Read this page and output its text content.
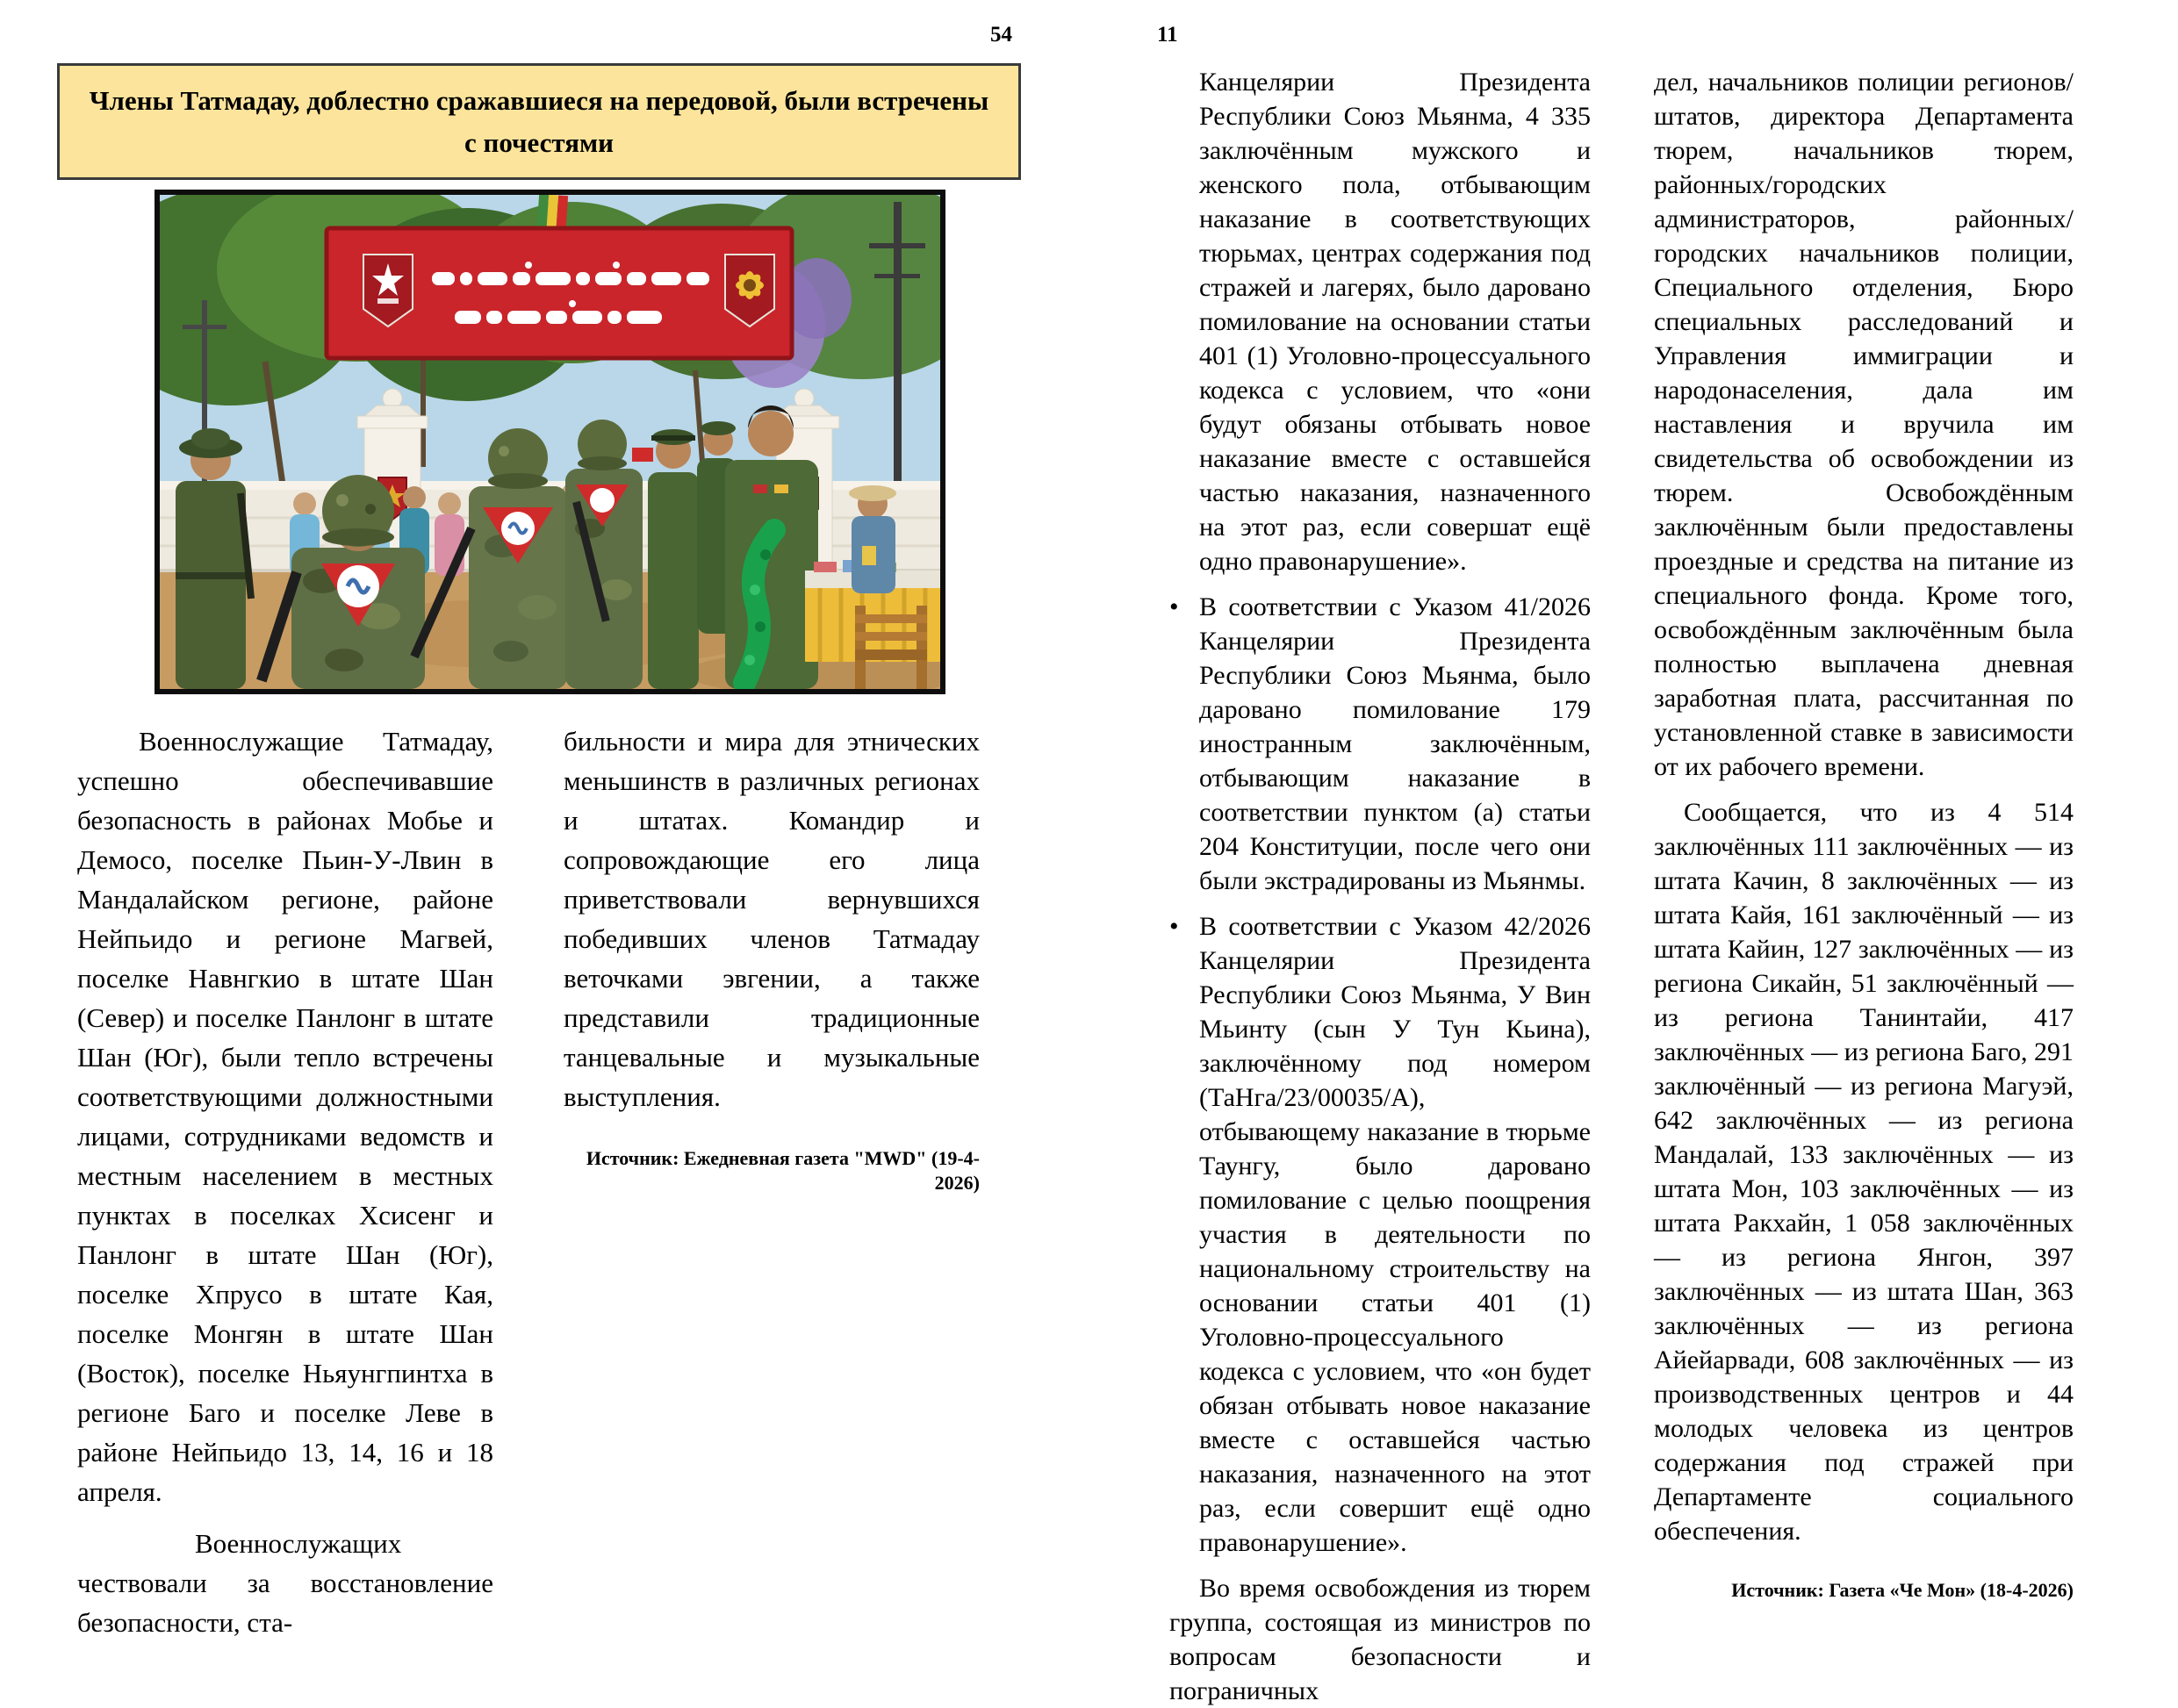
54	11
Члены Татмадау, доблестно сражавшиеся на передовой, были встречены с почестями

Военнослужащие Татмадау, успешно обеспечивавшие безопасность в районах Мобье и Демосо, поселке Пьин-У-Лвин в Мандалайском регионе, районе Нейпьидо и регионе Магвей, поселке Навнгкио в штате Шан (Север) и поселке Панлонг в штате Шан (Юг), были тепло встречены соответствующими должностными лицами, сотрудниками ведомств и местным населением в местных пунктах в поселках Хсисенг и Панлонг в штате Шан (Юг), поселке Хпрусо в штате Кая, поселке Монгян в штате Шан (Восток), поселке Ньяунгпинтха в регионе Баго и поселке Леве в районе Нейпьидо 13, 14, 16 и 18 апреля.

Военнослужащих чествовали за восстановление безопасности, ста-

бильности и мира для этнических меньшинств в различных регионах и штатах. Командир и сопровождающие его лица приветствовали вернувшихся победивших членов Татмадау веточками эвгении, а также представили традиционные танцевальные и музыкальные выступления.

Источник: Ежедневная газета "MWD" (19-4-2026)

Канцелярии Президента Республики Союз Мьянма, 4 335 заключённым мужского и женского пола, отбывающим наказание в соответствующих тюрьмах, центрах содержания под стражей и лагерях, было даровано помилование на основании статьи 401 (1) Уголовно-процессуального кодекса с условием, что «они будут обязаны отбывать новое наказание вместе с оставшейся частью наказания, назначенного на этот раз, если совершат ещё одно правонарушение».

• В соответствии с Указом 41/2026 Канцелярии Президента Республики Союз Мьянма, было даровано помилование 179 иностранным заключённым, отбывающим наказание в соответствии пунктом (а) статьи 204 Конституции, после чего они были экстрадированы из Мьянмы.

• В соответствии с Указом 42/2026 Канцелярии Президента Республики Союз Мьянма, У Вин Мьинту (сын У Тун Кьина), заключённому под номером (ТаНга/23/00035/А), отбывающему наказание в тюрьме Таунгу, было даровано помилование с целью поощрения участия в деятельности по национальному строительству на основании статьи 401 (1) Уголовно-процессуального кодекса с условием, что «он будет обязан отбывать новое наказание вместе с оставшейся частью наказания, назначенного на этот раз, если совершит ещё одно правонарушение».

Во время освобождения из тюрем группа, состоящая из министров по вопросам безопасности и пограничных

дел, начальников полиции регионов/штатов, директора Департамента тюрем, начальников тюрем, районных/городских администраторов, районных/городских начальников полиции, Специального отделения, Бюро специальных расследований и Управления иммиграции и народонаселения, дала им наставления и вручила им свидетельства об освобождении из тюрем. Освобождённым заключённым были предоставлены проездные и средства на питание из специального фонда. Кроме того, освобождённым заключённым была полностью выплачена дневная заработная плата, рассчитанная по установленной ставке в зависимости от их рабочего времени.

Сообщается, что из 4 514 заключённых 111 заключённых — из штата Качин, 8 заключённых — из штата Кайя, 161 заключённый — из штата Кайин, 127 заключённых — из региона Сикайн, 51 заключённый — из региона Танинтайи, 417 заключённых — из региона Баго, 291 заключённый — из региона Магуэй, 642 заключённых — из региона Мандалай, 133 заключённых — из штата Мон, 103 заключённых — из штата Ракхайн, 1 058 заключённых — из региона Янгон, 397 заключённых — из штата Шан, 363 заключённых — из региона Айейарвади, 608 заключённых — из производственных центров и 44 молодых человека из центров содержания под стражей при Департаменте социального обеспечения.

Источник: Газета «Че Мон» (18-4-2026)
